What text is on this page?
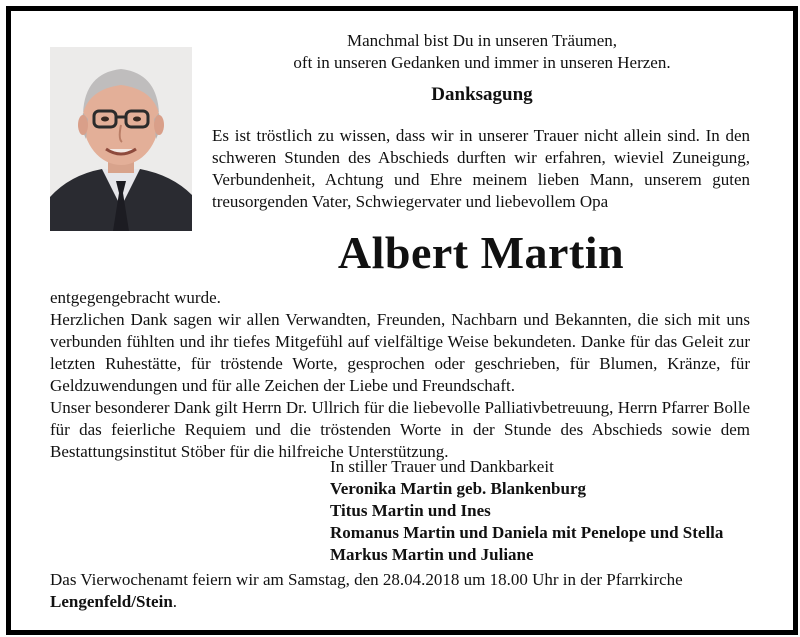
Manchmal bist Du in unseren Träumen,
oft in unseren Gedanken und immer in unseren Herzen.
Danksagung
Es ist tröstlich zu wissen, dass wir in unserer Trauer nicht allein sind. In den schweren Stunden des Abschieds durften wir erfahren, wieviel Zuneigung, Verbundenheit, Achtung und Ehre meinem lieben Mann, unserem guten treusorgenden Vater, Schwiegervater und liebevollem Opa
Albert Martin

entgegengebracht wurde.

Herzlichen Dank sagen wir allen Verwandten, Freunden, Nachbarn und Bekannten, die sich mit uns verbunden fühlten und ihr tiefes Mitgefühl auf vielfältige Weise bekundeten. Danke für das Geleit zur letzten Ruhestätte, für tröstende Worte, gesprochen oder geschrieben, für Blumen, Kränze, für Geldzuwendungen und für alle Zeichen der Liebe und Freundschaft.

Unser besonderer Dank gilt Herrn Dr. Ullrich für die liebevolle Palliativbetreuung, Herrn Pfarrer Bolle für das feierliche Requiem und die tröstenden Worte in der Stunde des Abschieds sowie dem Bestattungsinstitut Stöber für die hilfreiche Unterstützung.

In stiller Trauer und Dankbarkeit
Veronika Martin geb. Blankenburg
Titus Martin und Ines
Romanus Martin und Daniela mit Penelope und Stella
Markus Martin und Juliane
Das Vierwochenamt feiern wir am Samstag, den 28.04.2018 um 18.00 Uhr in der Pfarrkirche Lengenfeld/Stein.
